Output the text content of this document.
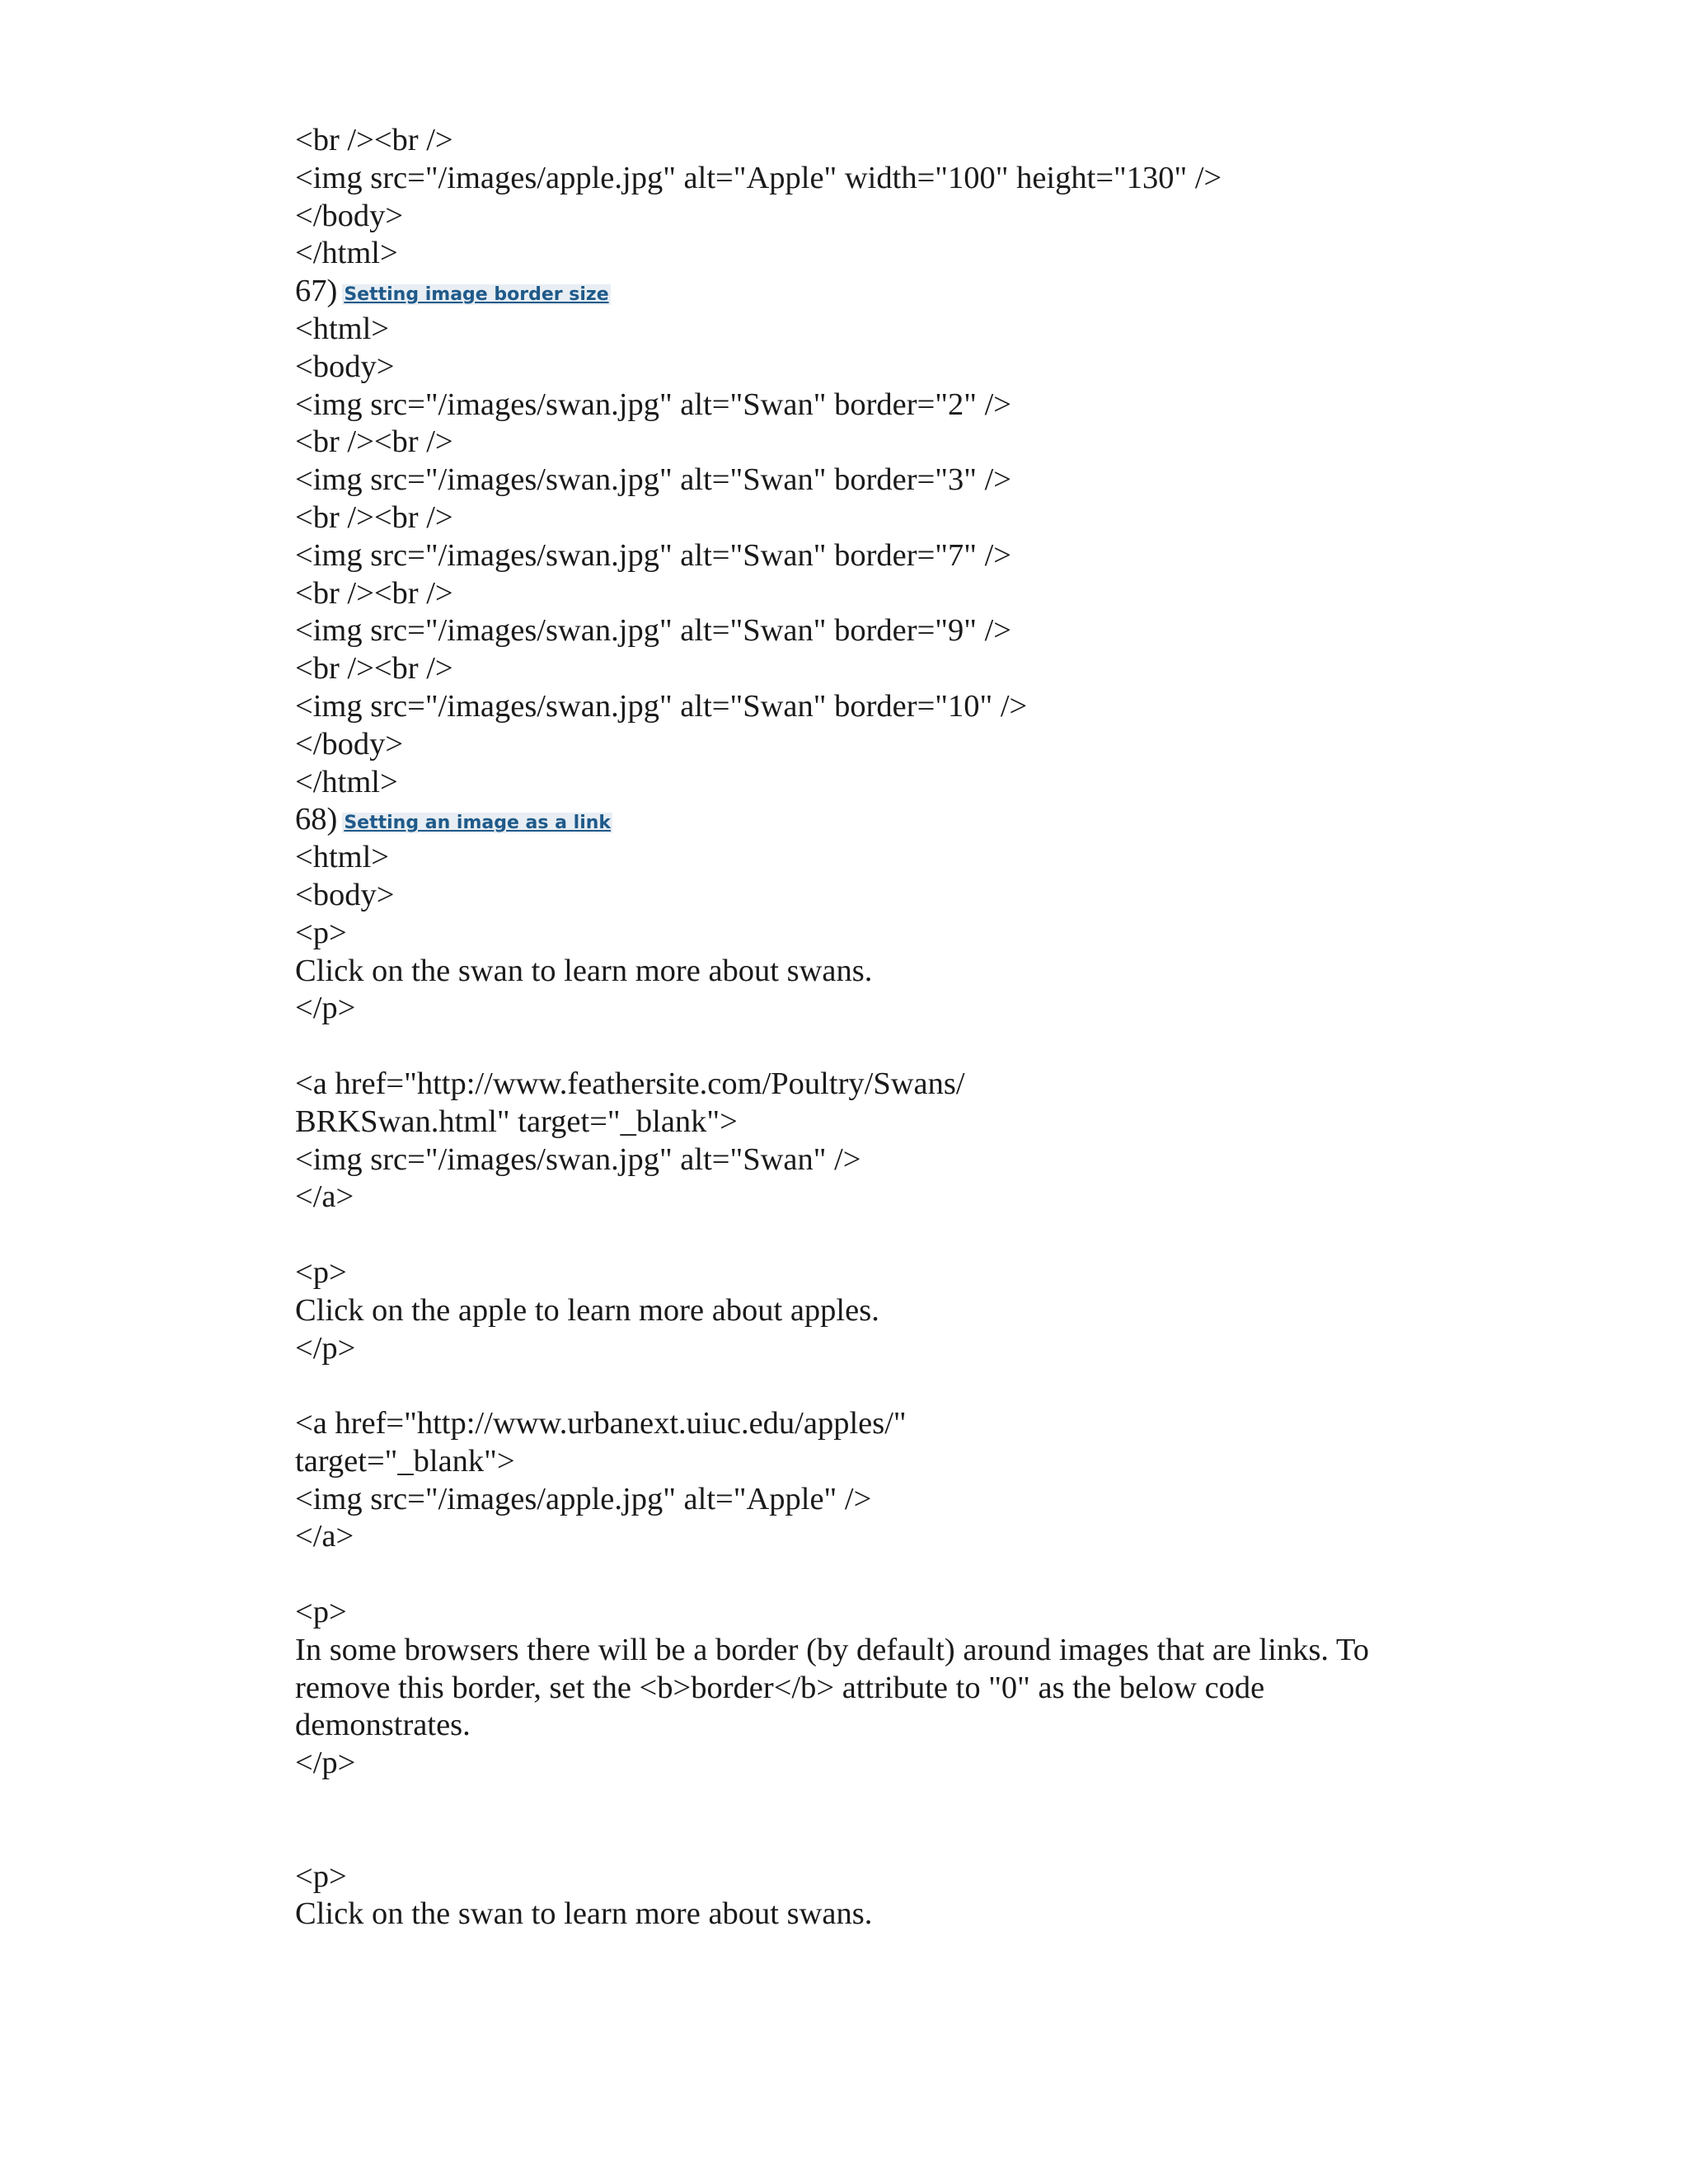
<br /><br />
<img src="/images/apple.jpg" alt="Apple" width="100" height="130" />
</body>
</html>
67) Setting image border size
<html>
<body>
<img src="/images/swan.jpg" alt="Swan" border="2" />
<br /><br />
<img src="/images/swan.jpg" alt="Swan" border="3" />
<br /><br />
<img src="/images/swan.jpg" alt="Swan" border="7" />
<br /><br />
<img src="/images/swan.jpg" alt="Swan" border="9" />
<br /><br />
<img src="/images/swan.jpg" alt="Swan" border="10" />
</body>
</html>
68) Setting an image as a link
<html>
<body>
<p>
Click on the swan to learn more about swans.
</p>
<a href="http://www.feathersite.com/Poultry/Swans/
BRKSwan.html" target="_blank">
<img src="/images/swan.jpg" alt="Swan" />
</a>
<p>
Click on the apple to learn more about apples.
</p>
<a href="http://www.urbanext.uiuc.edu/apples/"
target="_blank">
<img src="/images/apple.jpg" alt="Apple" />
</a>
<p>
In some browsers there will be a border (by default) around images that are links. To
remove this border, set the <b>border</b> attribute to "0" as the below code
demonstrates.
</p>
<p>
Click on the swan to learn more about swans.
